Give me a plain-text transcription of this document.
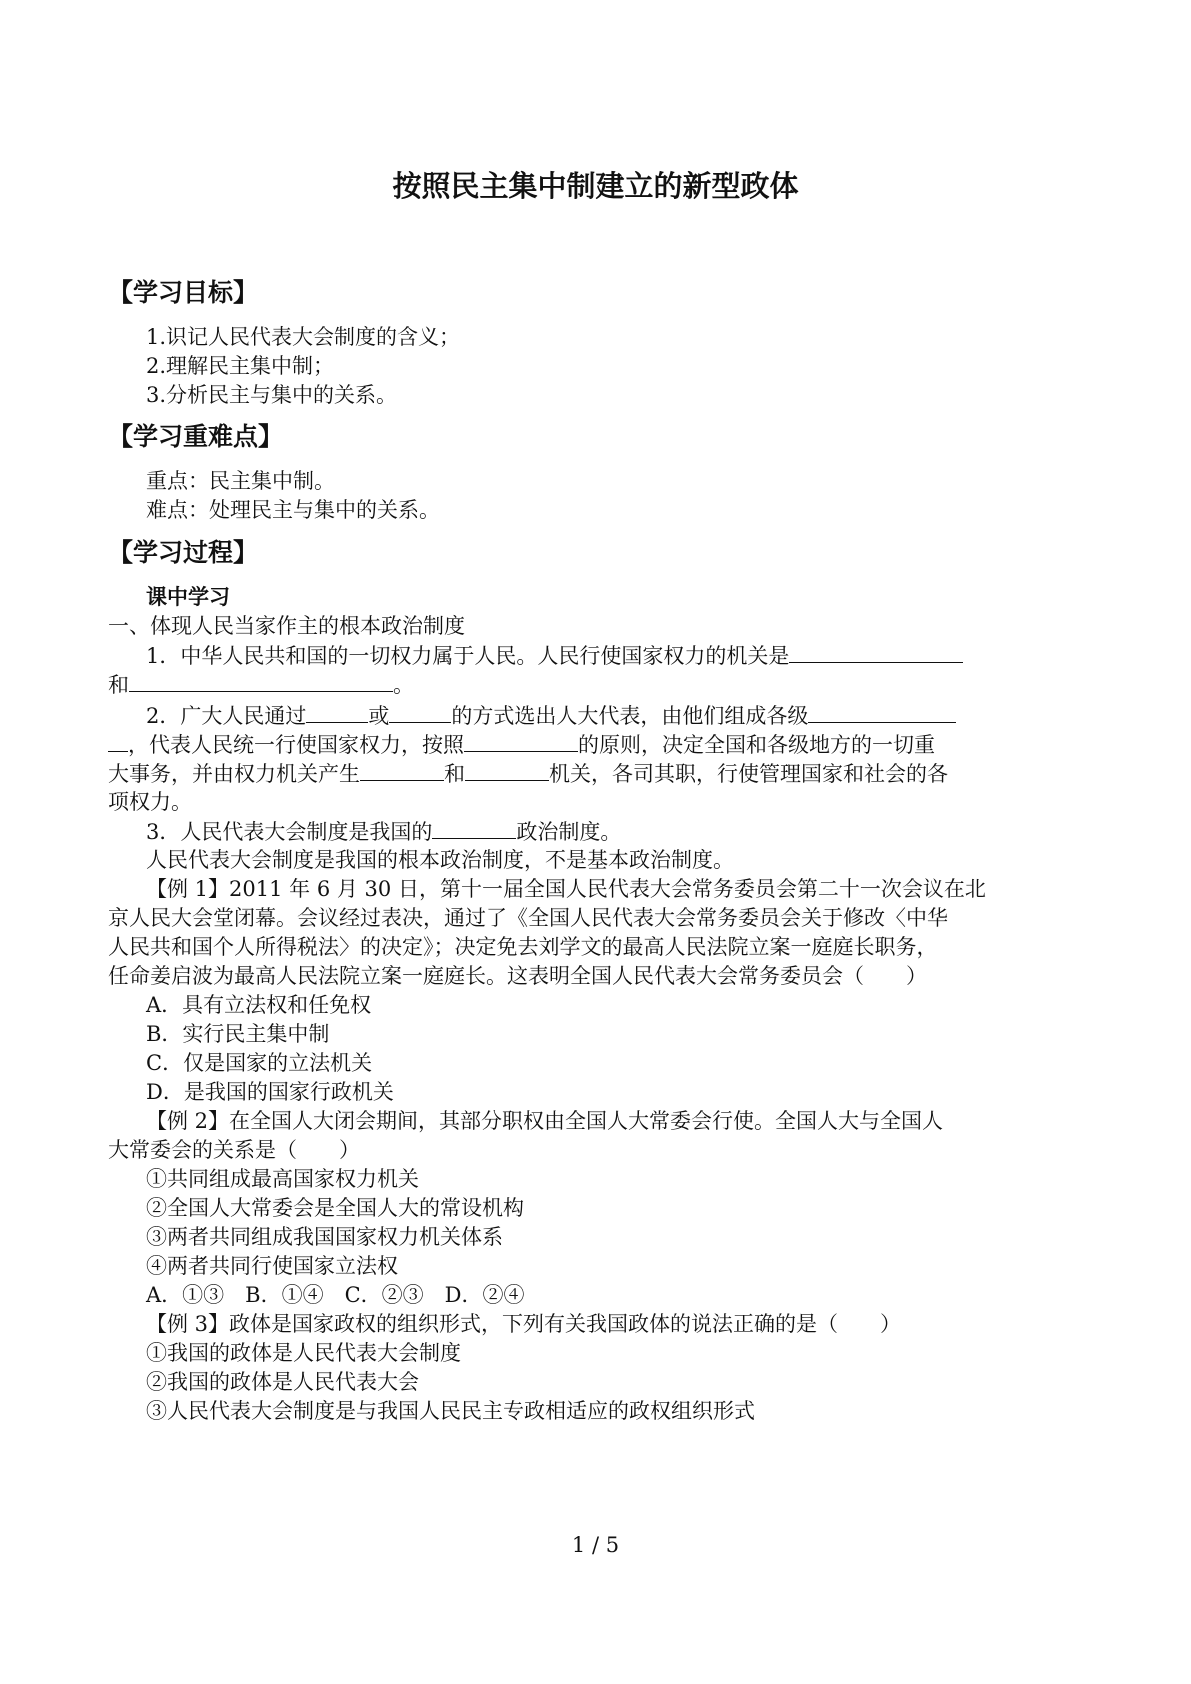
按照民主集中制建立的新型政体
【学习目标】

1.识记人民代表大会制度的含义；

2.理解民主集中制；

3.分析民主与集中的关系。

【学习重难点】

重点：民主集中制。

难点：处理民主与集中的关系。

【学习过程】

课中学习

一、体现人民当家作主的根本政治制度

1．中华人民共和国的一切权力属于人民。人民行使国家权力的机关是

和	。

2．广大人民通过	或	的方式选出人大代表，由他们组成各级

，代表人民统一行使国家权力，按照	的原则，决定全国和各级地方的一切重

大事务，并由权力机关产生	和	机关，各司其职，行使管理国家和社会的各

项权力。

3．人民代表大会制度是我国的	政治制度。

人民代表大会制度是我国的根本政治制度，不是基本政治制度。

【例 1】2011 年 6 月 30 日，第十一届全国人民代表大会常务委员会第二十一次会议在北

京人民大会堂闭幕。会议经过表决，通过了《全国人民代表大会常务委员会关于修改〈中华

人民共和国个人所得税法〉的决定》；决定免去刘学文的最高人民法院立案一庭庭长职务，

任命姜启波为最高人民法院立案一庭庭长。这表明全国人民代表大会常务委员会（　　）

A．具有立法权和任免权

B．实行民主集中制

C．仅是国家的立法机关

D．是我国的国家行政机关

【例 2】在全国人大闭会期间，其部分职权由全国人大常委会行使。全国人大与全国人

大常委会的关系是（　　）

①共同组成最高国家权力机关

②全国人大常委会是全国人大的常设机构

③两者共同组成我国国家权力机关体系

④两者共同行使国家立法权

A．①③　B．①④　C．②③　D．②④

【例 3】政体是国家政权的组织形式，下列有关我国政体的说法正确的是（　　）

①我国的政体是人民代表大会制度

②我国的政体是人民代表大会

③人民代表大会制度是与我国人民民主专政相适应的政权组织形式

1 / 5
